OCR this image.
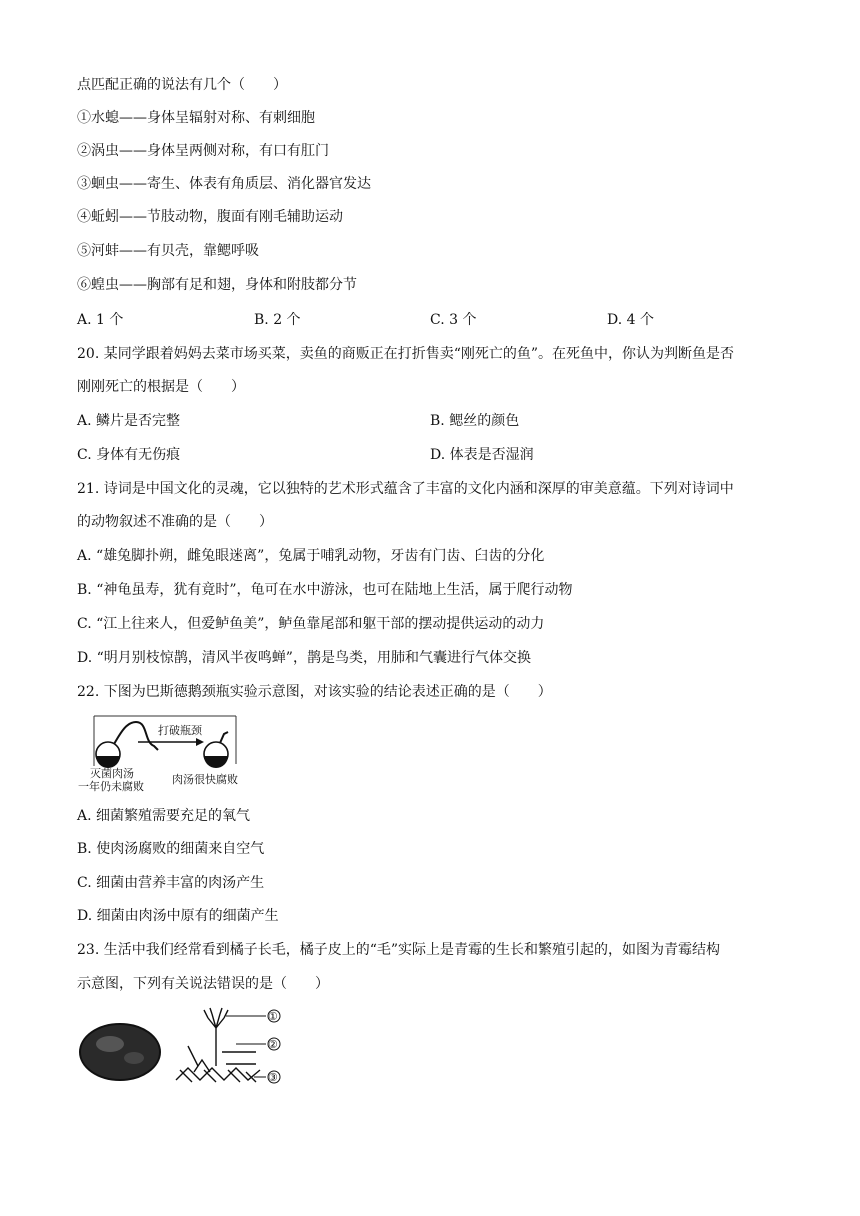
点匹配正确的说法有几个（　　）
①水螅——身体呈辐射对称、有刺细胞
②涡虫——身体呈两侧对称，有口有肛门
③蛔虫——寄生、体表有角质层、消化器官发达
④蚯蚓——节肢动物，腹面有刚毛辅助运动
⑤河蚌——有贝壳，靠鳃呼吸
⑥蝗虫——胸部有足和翅，身体和附肢都分节
A. 1 个	B. 2 个	C. 3 个	D. 4 个
20. 某同学跟着妈妈去菜市场买菜，卖鱼的商贩正在打折售卖“刚死亡的鱼”。在死鱼中，你认为判断鱼是否
刚刚死亡的根据是（　　）
A. 鳞片是否完整	B. 鳃丝的颜色
C. 身体有无伤痕	D. 体表是否湿润
21. 诗词是中国文化的灵魂，它以独特的艺术形式蕴含了丰富的文化内涵和深厚的审美意蕴。下列对诗词中
的动物叙述不准确的是（　　）
A. “雄兔脚扑朔，雌兔眼迷离”，兔属于哺乳动物，牙齿有门齿、臼齿的分化
B. “神龟虽寿，犹有竟时”，龟可在水中游泳，也可在陆地上生活，属于爬行动物
C. “江上往来人，但爱鲈鱼美”，鲈鱼靠尾部和躯干部的摆动提供运动的动力
D. “明月别枝惊鹊，清风半夜鸣蝉”，鹊是鸟类，用肺和气囊进行气体交换
22. 下图为巴斯德鹅颈瓶实验示意图，对该实验的结论表述正确的是（　　）
打破瓶颈
灭菌肉汤
一年仍未腐败
肉汤很快腐败
A. 细菌繁殖需要充足的氧气
B. 使肉汤腐败的细菌来自空气
C. 细菌由营养丰富的肉汤产生
D. 细菌由肉汤中原有的细菌产生
23. 生活中我们经常看到橘子长毛，橘子皮上的“毛”实际上是青霉的生长和繁殖引起的，如图为青霉结构
示意图，下列有关说法错误的是（　　）
①
②
③
